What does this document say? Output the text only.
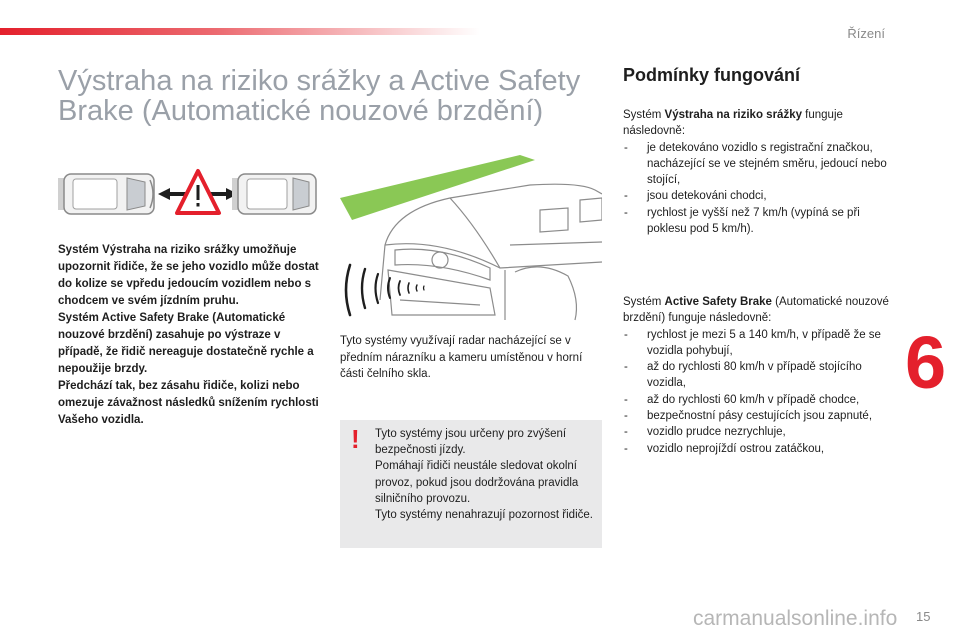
Řízení
Výstraha na riziko srážky a Active Safety
Brake (Automatické nouzové brzdění)

Systém Výstraha na riziko srážky umožňuje upozornit řidiče, že se jeho vozidlo může dostat do kolize se vpředu jedoucím vozidlem nebo s chodcem ve svém jízdním pruhu.

Systém Active Safety Brake (Automatické nouzové brzdění) zasahuje po výstraze v případě, že řidič nereaguje dostatečně rychle a nepoužije brzdy.

Předchází tak, bez zásahu řidiče, kolizi nebo omezuje závažnost následků snížením rychlosti Vašeho vozidla.

Tyto systémy využívají radar nacházející se v předním nárazníku a kameru umístěnou v horní části čelního skla.

! Tyto systémy jsou určeny pro zvýšení bezpečnosti jízdy.
Pomáhají řidiči neustále sledovat okolní provoz, pokud jsou dodržována pravidla silničního provozu.
Tyto systémy nenahrazují pozornost řidiče.
Podmínky fungování

Systém Výstraha na riziko srážky funguje následovně:

- je detekováno vozidlo s registrační značkou, nacházející se ve stejném směru, jedoucí nebo stojící,
- jsou detekováni chodci,
- rychlost je vyšší než 7 km/h (vypíná se při poklesu pod 5 km/h).

Systém Active Safety Brake (Automatické nouzové brzdění) funguje následovně:

- rychlost je mezi 5 a 140 km/h, v případě že se vozidla pohybují,
- až do rychlosti 80 km/h v případě stojícího vozidla,
- až do rychlosti 60 km/h v případě chodce,
- bezpečnostní pásy cestujících jsou zapnuté,
- vozidlo prudce nezrychluje,
- vozidlo neprojíždí ostrou zatáčkou,
6
15
carmanualsonline.info
